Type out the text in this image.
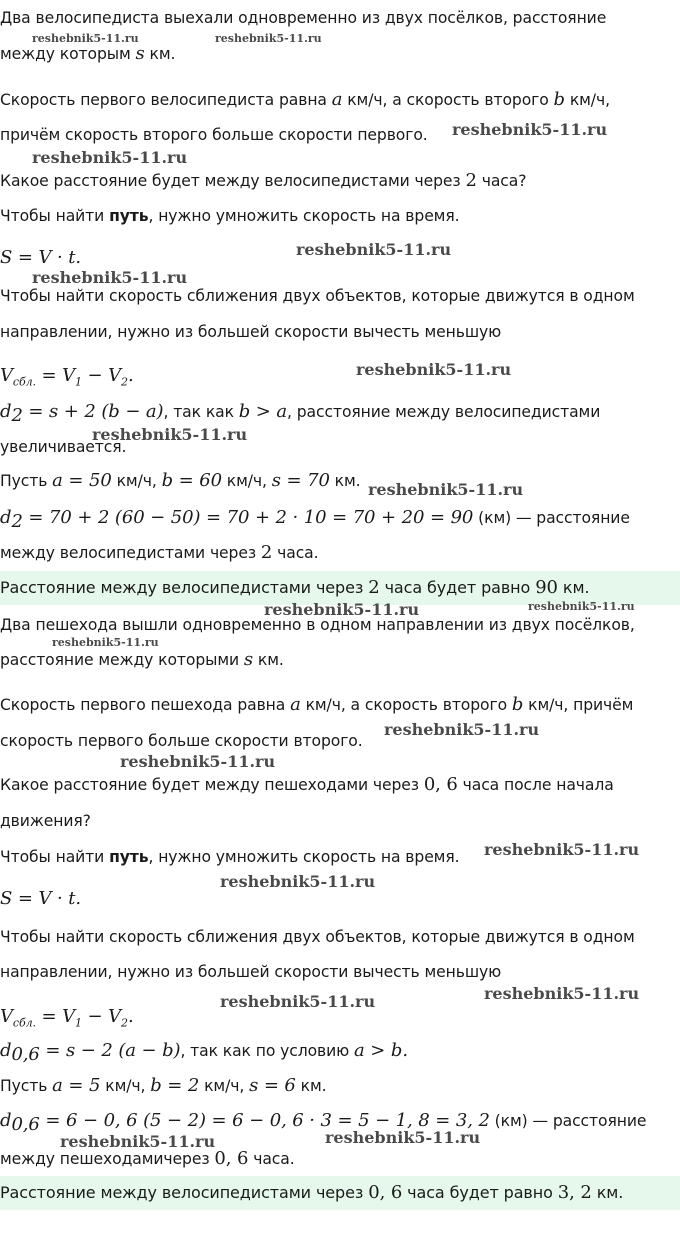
Два велосипедиста выехали одновременно из двух посёлков, расстояние
между которым s км.
Скорость первого велосипедиста равна a км/ч, а скорость второго b км/ч,
причём скорость второго больше скорости первого.
Какое расстояние будет между велосипедистами через 2 часа?
Чтобы найти путь, нужно умножить скорость на время.
S = V · t.
Чтобы найти скорость сближения двух объектов, которые движутся в одном
направлении, нужно из большей скорости вычесть меньшую
$V_{сбл.} = V_1 - V_2$.
$d_2 = s + 2$ (b − a), так как b > a, расстояние между велосипедистами
увеличивается.
Пусть a = 50 км/ч, b = 60 км/ч, s = 70 км.
$d_2 = 70 + 2$ (60 − 50) = 70 + 2 · 10 = 70 + 20 = 90 (км) — расстояние
между велосипедистами через 2 часа.
Расстояние между велосипедистами через 2 часа будет равно 90 км.
Два пешехода вышли одновременно в одном направлении из двух посёлков,
расстояние между которыми s км.
Скорость первого пешехода равна a км/ч, а скорость второго b км/ч, причём
скорость первого больше скорости второго.
Какое расстояние будет между пешеходами через 0, 6 часа после начала
движения?
Чтобы найти путь, нужно умножить скорость на время.
S = V · t.
Чтобы найти скорость сближения двух объектов, которые движутся в одном
направлении, нужно из большей скорости вычесть меньшую
$V_{сбл.} = V_1 - V_2$.
$d_{0,6} = s - 2$ (a − b), так как по условию a > b.
Пусть a = 5 км/ч, b = 2 км/ч, s = 6 км.
$d_{0,6} = 6 - 0$, 6 (5 − 2) = 6 − 0, 6 · 3 = 5 − 1, 8 = 3, 2 (км) — расстояние
между пешеходамичерез 0, 6 часа.
Расстояние между велосипедистами через 0, 6 часа будет равно 3, 2 км.
reshebnik5-11.ru	reshebnik5-11.ru
reshebnik5-11.ru
reshebnik5-11.ru
reshebnik5-11.ru
reshebnik5-11.ru
reshebnik5-11.ru
reshebnik5-11.ru
reshebnik5-11.ru
reshebnik5-11.ru	reshebnik5-11.ru
reshebnik5-11.ru
reshebnik5-11.ru
reshebnik5-11.ru
reshebnik5-11.ru
reshebnik5-11.ru
reshebnik5-11.ru
reshebnik5-11.ru
reshebnik5-11.ru	reshebnik5-11.ru
